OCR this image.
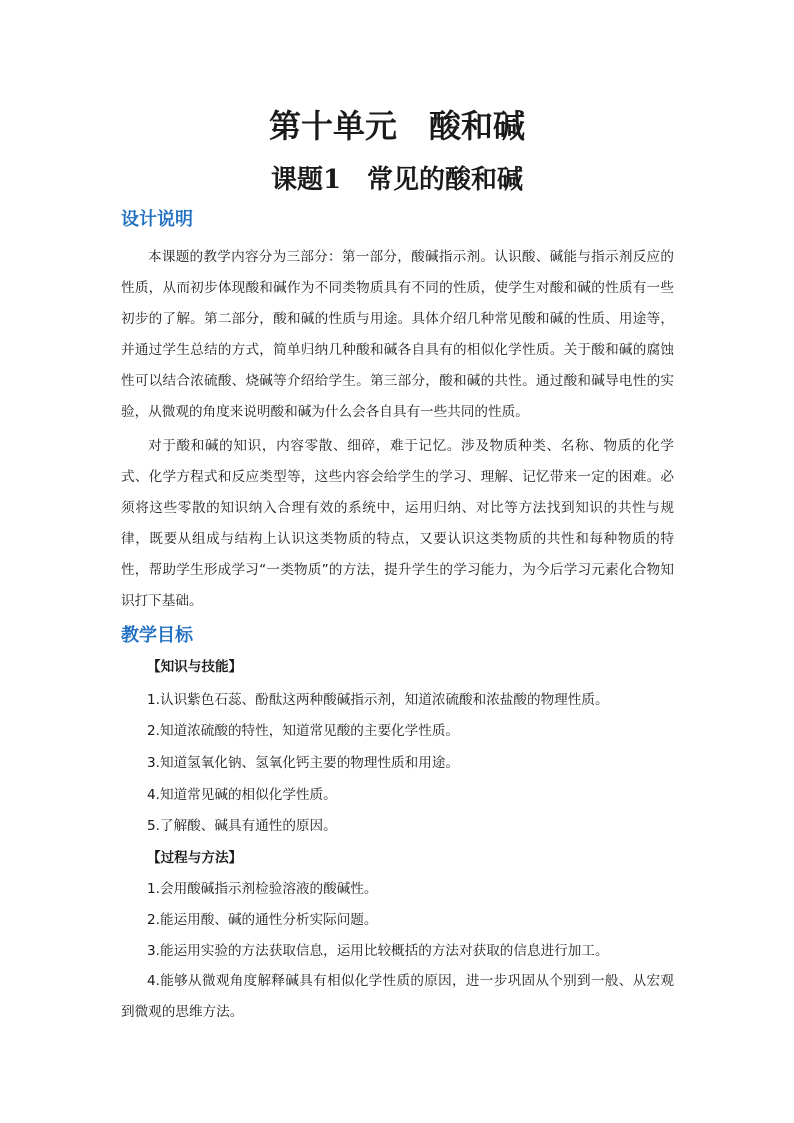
第十单元　酸和碱
课题1　常见的酸和碱
设计说明

本课题的教学内容分为三部分：第一部分，酸碱指示剂。认识酸、碱能与指示剂反应的性质，从而初步体现酸和碱作为不同类物质具有不同的性质，使学生对酸和碱的性质有一些初步的了解。第二部分，酸和碱的性质与用途。具体介绍几种常见酸和碱的性质、用途等，并通过学生总结的方式，简单归纳几种酸和碱各自具有的相似化学性质。关于酸和碱的腐蚀性可以结合浓硫酸、烧碱等介绍给学生。第三部分，酸和碱的共性。通过酸和碱导电性的实验，从微观的角度来说明酸和碱为什么会各自具有一些共同的性质。

对于酸和碱的知识，内容零散、细碎，难于记忆。涉及物质种类、名称、物质的化学式、化学方程式和反应类型等，这些内容会给学生的学习、理解、记忆带来一定的困难。必须将这些零散的知识纳入合理有效的系统中，运用归纳、对比等方法找到知识的共性与规律，既要从组成与结构上认识这类物质的特点，又要认识这类物质的共性和每种物质的特性，帮助学生形成学习“一类物质”的方法，提升学生的学习能力，为今后学习元素化合物知识打下基础。

教学目标
【知识与技能】
1.认识紫色石蕊、酚酞这两种酸碱指示剂，知道浓硫酸和浓盐酸的物理性质。
2.知道浓硫酸的特性，知道常见酸的主要化学性质。
3.知道氢氧化钠、氢氧化钙主要的物理性质和用途。
4.知道常见碱的相似化学性质。
5.了解酸、碱具有通性的原因。
【过程与方法】
1.会用酸碱指示剂检验溶液的酸碱性。
2.能运用酸、碱的通性分析实际问题。
3.能运用实验的方法获取信息，运用比较概括的方法对获取的信息进行加工。

4.能够从微观角度解释碱具有相似化学性质的原因，进一步巩固从个别到一般、从宏观到微观的思维方法。
